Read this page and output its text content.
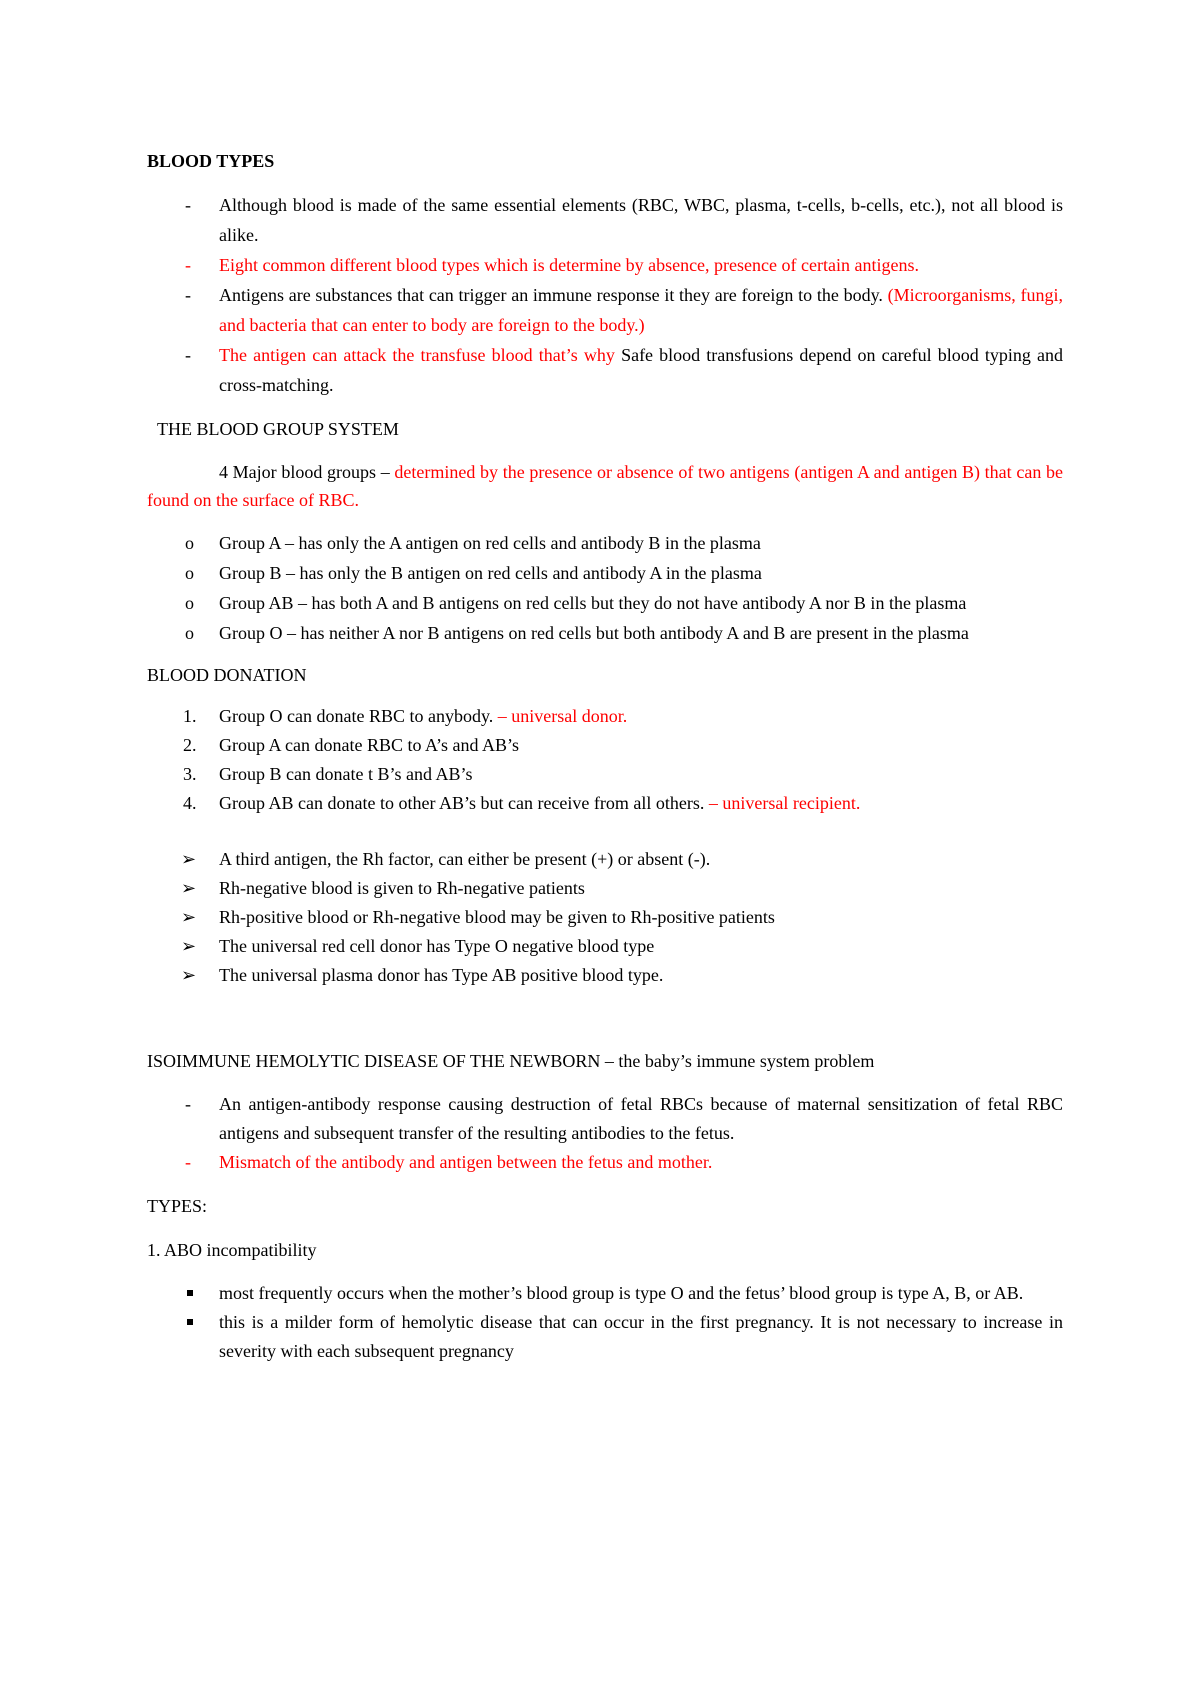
BLOOD TYPES
-	Although blood is made of the same essential elements (RBC, WBC, plasma, t-cells, b-cells, etc.), not all blood is alike.
-	Eight common different blood types which is determine by absence, presence of certain antigens.
-	Antigens are substances that can trigger an immune response it they are foreign to the body. (Microorganisms, fungi, and bacteria that can enter to body are foreign to the body.)
-	The antigen can attack the transfuse blood that’s why Safe blood transfusions depend on careful blood typing and cross-matching.
THE BLOOD GROUP SYSTEM

4 Major blood groups – determined by the presence or absence of two antigens (antigen A and antigen B) that can be found on the surface of RBC.

o	Group A – has only the A antigen on red cells and antibody B in the plasma
o	Group B – has only the B antigen on red cells and antibody A in the plasma
o	Group AB – has both A and B antigens on red cells but they do not have antibody A nor B in the plasma
o	Group O – has neither A nor B antigens on red cells but both antibody A and B are present in the plasma
BLOOD DONATION
1.	Group O can donate RBC to anybody. – universal donor.
2.	Group A can donate RBC to A’s and AB’s
3.	Group B can donate t B’s and AB’s
4.	Group AB can donate to other AB’s but can receive from all others. – universal recipient.
➢	A third antigen, the Rh factor, can either be present (+) or absent (-).
➢	Rh-negative blood is given to Rh-negative patients
➢	Rh-positive blood or Rh-negative blood may be given to Rh-positive patients
➢	The universal red cell donor has Type O negative blood type
➢	The universal plasma donor has Type AB positive blood type.
ISOIMMUNE HEMOLYTIC DISEASE OF THE NEWBORN – the baby’s immune system problem
-	An antigen-antibody response causing destruction of fetal RBCs because of maternal sensitization of fetal RBC antigens and subsequent transfer of the resulting antibodies to the fetus.
-	Mismatch of the antibody and antigen between the fetus and mother.
TYPES:
1. ABO incompatibility
most frequently occurs when the mother’s blood group is type O and the fetus’ blood group is type A, B, or AB.
this is a milder form of hemolytic disease that can occur in the first pregnancy. It is not necessary to increase in severity with each subsequent pregnancy
